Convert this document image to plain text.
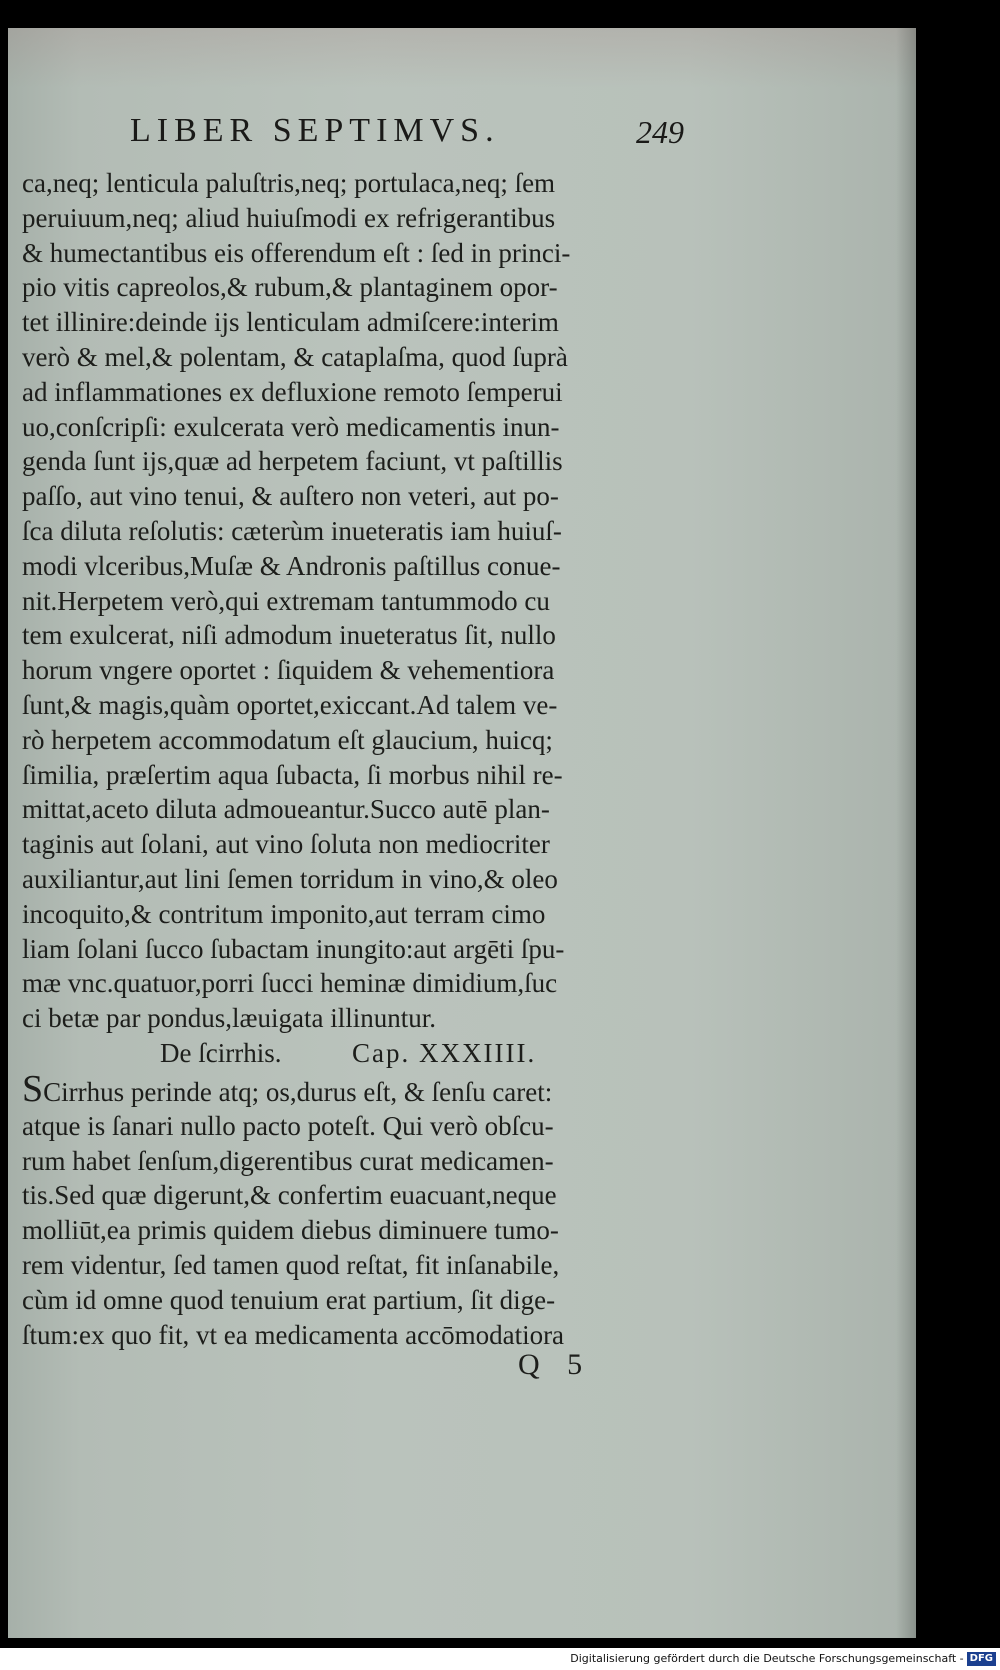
LIBER SEPTIMVS.	249
ca,neq; lenticula paluſtris,neq; portulaca,neq; ſem
peruiuum,neq; aliud huiuſmodi ex refrigerantibus
& humectantibus eis offerendum eſt : ſed in princi-
pio vitis capreolos,& rubum,& plantaginem opor-
tet illinire:deinde ijs lenticulam admiſcere:interim
verò & mel,& polentam, & cataplaſma, quod ſuprà
ad inflammationes ex defluxione remoto ſemperui
uo,conſcripſi: exulcerata verò medicamentis inun-
genda ſunt ijs,quæ ad herpetem faciunt, vt paſtillis
paſſo, aut vino tenui, & auſtero non veteri, aut po-
ſca diluta reſolutis: cæterùm inueteratis iam huiuſ-
modi vlceribus,Muſæ & Andronis paſtillus conue-
nit.Herpetem verò,qui extremam tantummodo cu
tem exulcerat, niſi admodum inueteratus ſit, nullo
horum vngere oportet : ſiquidem & vehementiora
ſunt,& magis,quàm oportet,exiccant.Ad talem ve-
rò herpetem accommodatum eſt glaucium, huicq;
ſimilia, præſertim aqua ſubacta, ſi morbus nihil re-
mittat,aceto diluta admoueantur.Succo autē plan-
taginis aut ſolani, aut vino ſoluta non mediocriter
auxiliantur,aut lini ſemen torridum in vino,& oleo
incoquito,& contritum imponito,aut terram cimo
liam ſolani ſucco ſubactam inungito:aut argēti ſpu-
mæ vnc.quatuor,porri ſucci heminæ dimidium,ſuc
ci betæ par pondus,læuigata illinuntur.
De ſcirrhis.	Cap. XXXIIII.
SCirrhus perinde atq; os,durus eſt, & ſenſu caret:
atque is ſanari nullo pacto poteſt. Qui verò obſcu-
rum habet ſenſum,digerentibus curat medicamen-
tis.Sed quæ digerunt,& confertim euacuant,neque
molliūt,ea primis quidem diebus diminuere tumo-
rem videntur, ſed tamen quod reſtat, fit inſanabile,
cùm id omne quod tenuium erat partium, ſit dige-
ſtum:ex quo fit, vt ea medicamenta accōmodatiora
Q 5
Digitalisierung gefördert durch die Deutsche Forschungsgemeinschaft - DFG
